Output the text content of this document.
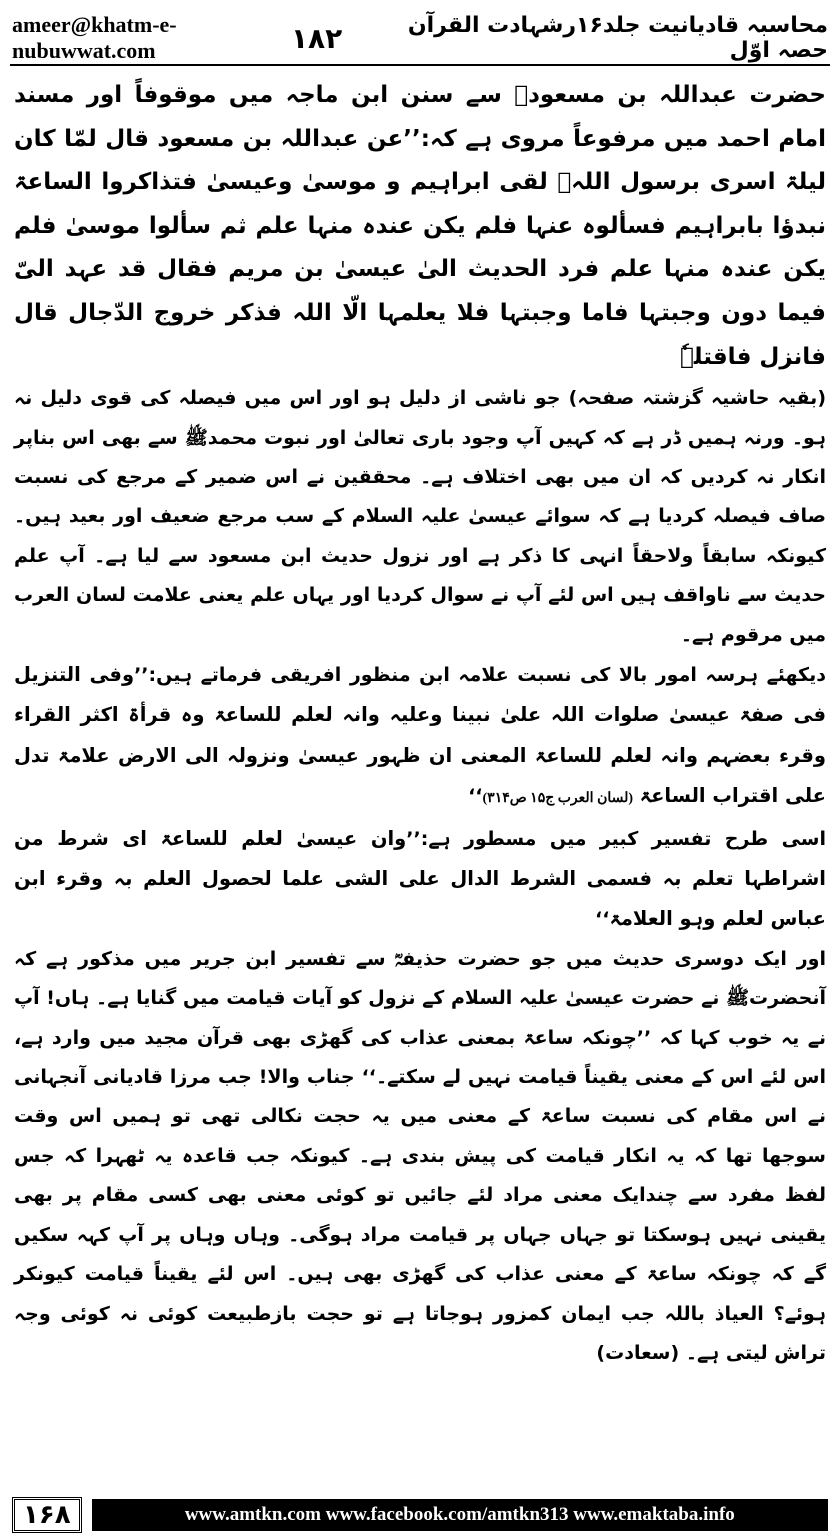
ameer@khatm-e-nubuwwat.com
محاسبہ قادیانیت جلد۱۶رشہادت القرآن حصہ اوّل
۱۸۲

حضرت عبداللہ بن مسعودؓ سے سنن ابن ماجہ میں موقوفاً اور مسند امام احمد میں مرفوعاً مروی ہے کہ:’’عن عبداللہ بن مسعود قال لمّا کان لیلۃ اسری برسول اللہﷺ لقی ابراہیم و موسیٰ وعیسیٰ فتذاکروا الساعۃ نبدؤا بابراہیم فسألوہ عنہا فلم یکن عندہ منہا علم ثم سألوا موسیٰ فلم یکن عندہ منہا علم فرد الحدیث الیٰ عیسیٰ بن مریم فقال قد عہد الیّ فیما دون وجبتہا فاما وجبتہا فلا یعلمہا الّا اللہ فذکر خروج الدّجال قال فانزل فاقتلہٗ

(بقیہ حاشیہ گزشتہ صفحہ) جو ناشی از دلیل ہو اور اس میں فیصلہ کی قوی دلیل نہ ہو۔ ورنہ ہمیں ڈر ہے کہ کہیں آپ وجود باری تعالیٰ اور نبوت محمدﷺ سے بھی اس بناپر انکار نہ کردیں کہ ان میں بھی اختلاف ہے۔ محققین نے اس ضمیر کے مرجع کی نسبت صاف فیصلہ کردیا ہے کہ سوائے عیسیٰ علیہ السلام کے سب مرجع ضعیف اور بعید ہیں۔ کیونکہ سابقاً ولاحقاً انہی کا ذکر ہے اور نزول حدیث ابن مسعود سے لیا ہے۔ آپ علم حدیث سے ناواقف ہیں اس لئے آپ نے سوال کردیا اور یہاں علم یعنی علامت لسان العرب میں مرقوم ہے۔

دیکھئے ہرسہ امور بالا کی نسبت علامہ ابن منظور افریقی فرماتے ہیں:’’وفی التنزیل فی صفۃ عیسیٰ صلوات اللہ علیٰ نبینا وعلیہ وانہ لعلم للساعۃ وہ قرأۃ اکثر القراء وقرء بعضہم وانہ لعلم للساعۃ المعنی ان ظہور عیسیٰ ونزولہ الی الارض علامۃ تدل علی اقتراب الساعۃ (لسان العرب ج۱۵ ص۳۱۴)‘‘

اسی طرح تفسیر کبیر میں مسطور ہے:’’وان عیسیٰ لعلم للساعۃ ای شرط من اشراطہا تعلم بہ فسمی الشرط الدال علی الشی علما لحصول العلم بہ وقرء ابن عباس لعلم وہو العلامۃ‘‘

اور ایک دوسری حدیث میں جو حضرت حذیفہؓ سے تفسیر ابن جریر میں مذکور ہے کہ آنحضرتﷺ نے حضرت عیسیٰ علیہ السلام کے نزول کو آیات قیامت میں گنایا ہے۔ ہاں! آپ نے یہ خوب کہا کہ ’’چونکہ ساعۃ بمعنی عذاب کی گھڑی بھی قرآن مجید میں وارد ہے، اس لئے اس کے معنی یقیناً قیامت نہیں لے سکتے۔‘‘ جناب والا! جب مرزا قادیانی آنجہانی نے اس مقام کی نسبت ساعۃ کے معنی میں یہ حجت نکالی تھی تو ہمیں اس وقت سوجھا تھا کہ یہ انکار قیامت کی پیش بندی ہے۔ کیونکہ جب قاعدہ یہ ٹھہرا کہ جس لفظ مفرد سے چندایک معنی مراد لئے جائیں تو کوئی معنی بھی کسی مقام پر بھی یقینی نہیں ہوسکتا تو جہاں جہاں پر قیامت مراد ہوگی۔ وہاں وہاں پر آپ کہہ سکیں گے کہ چونکہ ساعۃ کے معنی عذاب کی گھڑی بھی ہیں۔ اس لئے یقیناً قیامت کیونکر ہوئے؟ العیاذ باللہ جب ایمان کمزور ہوجاتا ہے تو حجت بازطبیعت کوئی نہ کوئی وجہ تراش لیتی ہے۔ (سعادت)

۱۶۸	www.amtkn.com www.facebook.com/amtkn313 www.emaktaba.info
